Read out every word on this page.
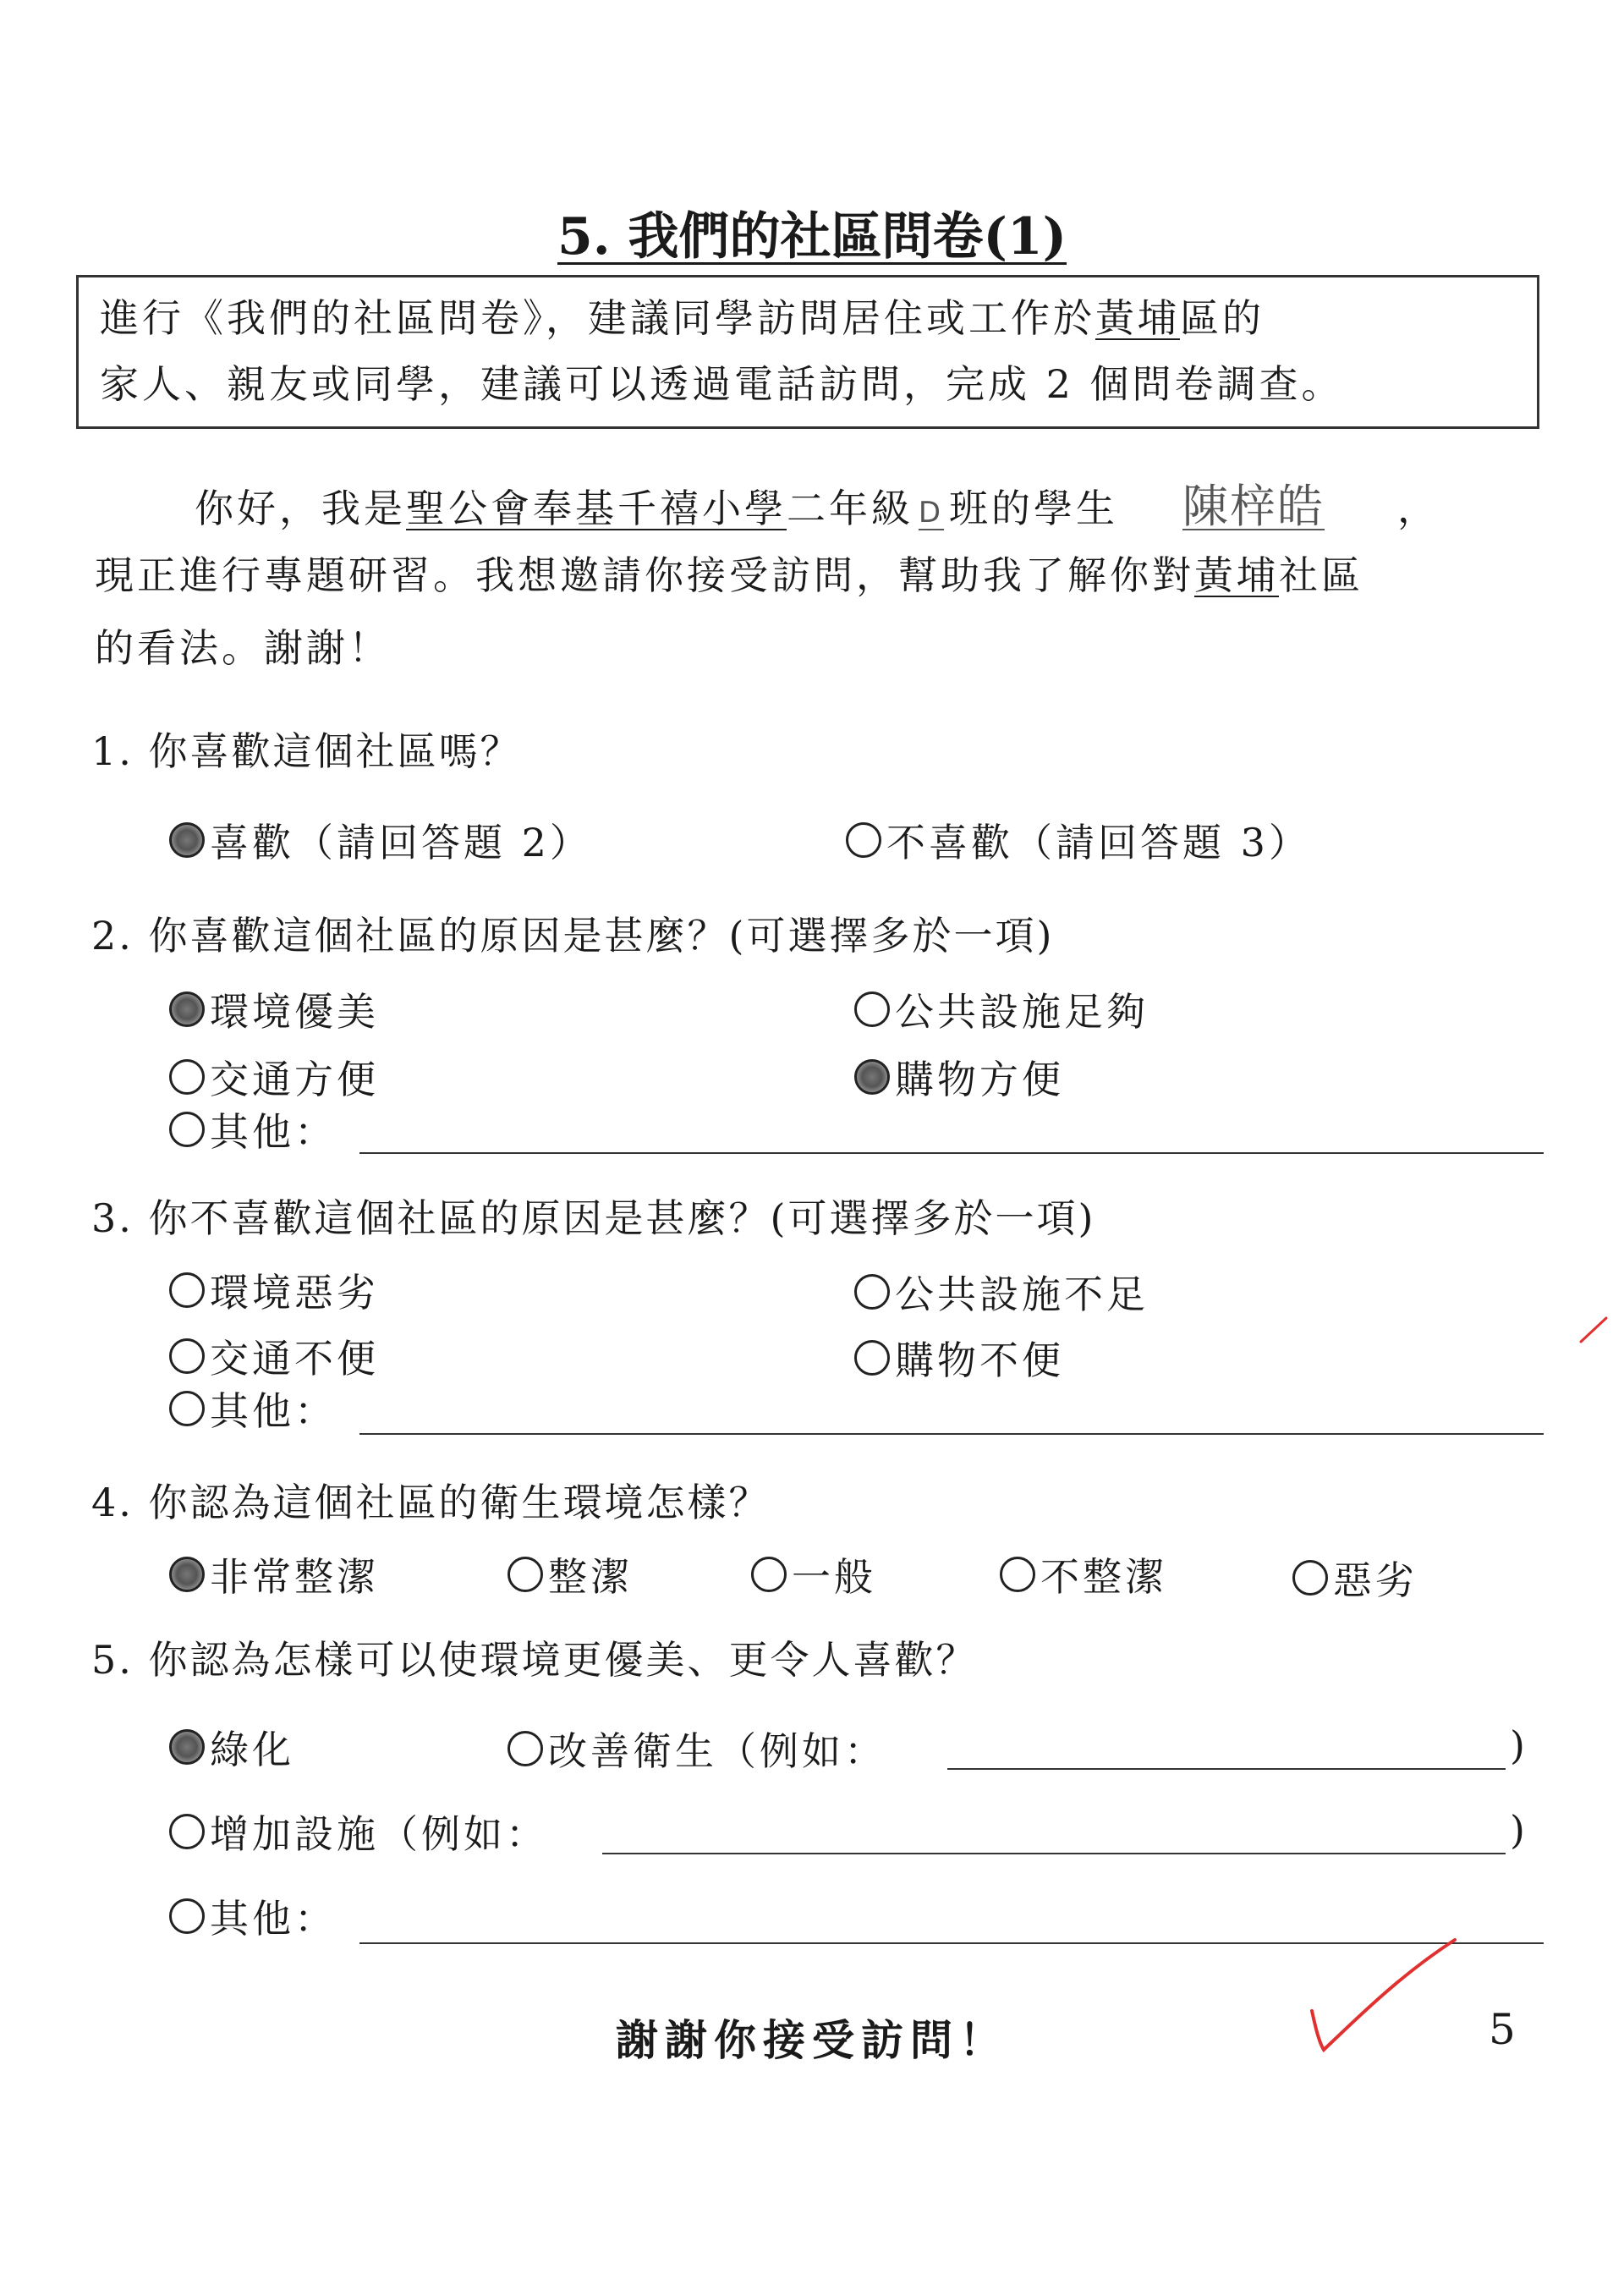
5. 我們的社區問卷(1)
進行《我們的社區問卷》，建議同學訪問居住或工作於黃埔區的
家人、親友或同學，建議可以透過電話訪問，完成 2 個問卷調查。
你好，我是聖公會奉基千禧小學二年級 D 班的學生 陳梓皓 ，
現正進行專題研習。我想邀請你接受訪問，幫助我了解你對黃埔社區
的看法。謝謝！
1. 你喜歡這個社區嗎？
喜歡（請回答題 2）	不喜歡（請回答題 3）
2. 你喜歡這個社區的原因是甚麼？(可選擇多於一項)
環境優美	公共設施足夠
交通方便	購物方便
其他：
3. 你不喜歡這個社區的原因是甚麼？(可選擇多於一項)
環境惡劣	公共設施不足
交通不便	購物不便
其他：
4. 你認為這個社區的衛生環境怎樣？
非常整潔	整潔	一般	不整潔	惡劣
5. 你認為怎樣可以使環境更優美、更令人喜歡？
綠化	改善衛生（例如：	)
增加設施（例如：	)
其他：
謝謝你接受訪問！	5
